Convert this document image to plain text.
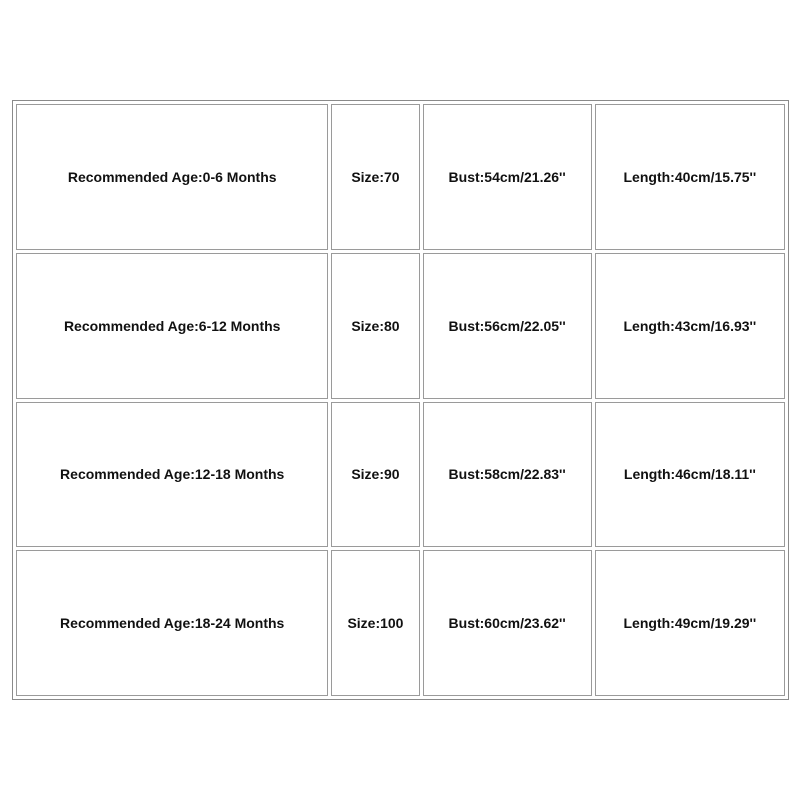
Recommended Age:0-6 Months	Size:70	Bust:54cm/21.26''	Length:40cm/15.75''
Recommended Age:6-12 Months	Size:80	Bust:56cm/22.05''	Length:43cm/16.93''
Recommended Age:12-18 Months	Size:90	Bust:58cm/22.83''	Length:46cm/18.11''
Recommended Age:18-24 Months	Size:100	Bust:60cm/23.62''	Length:49cm/19.29''
